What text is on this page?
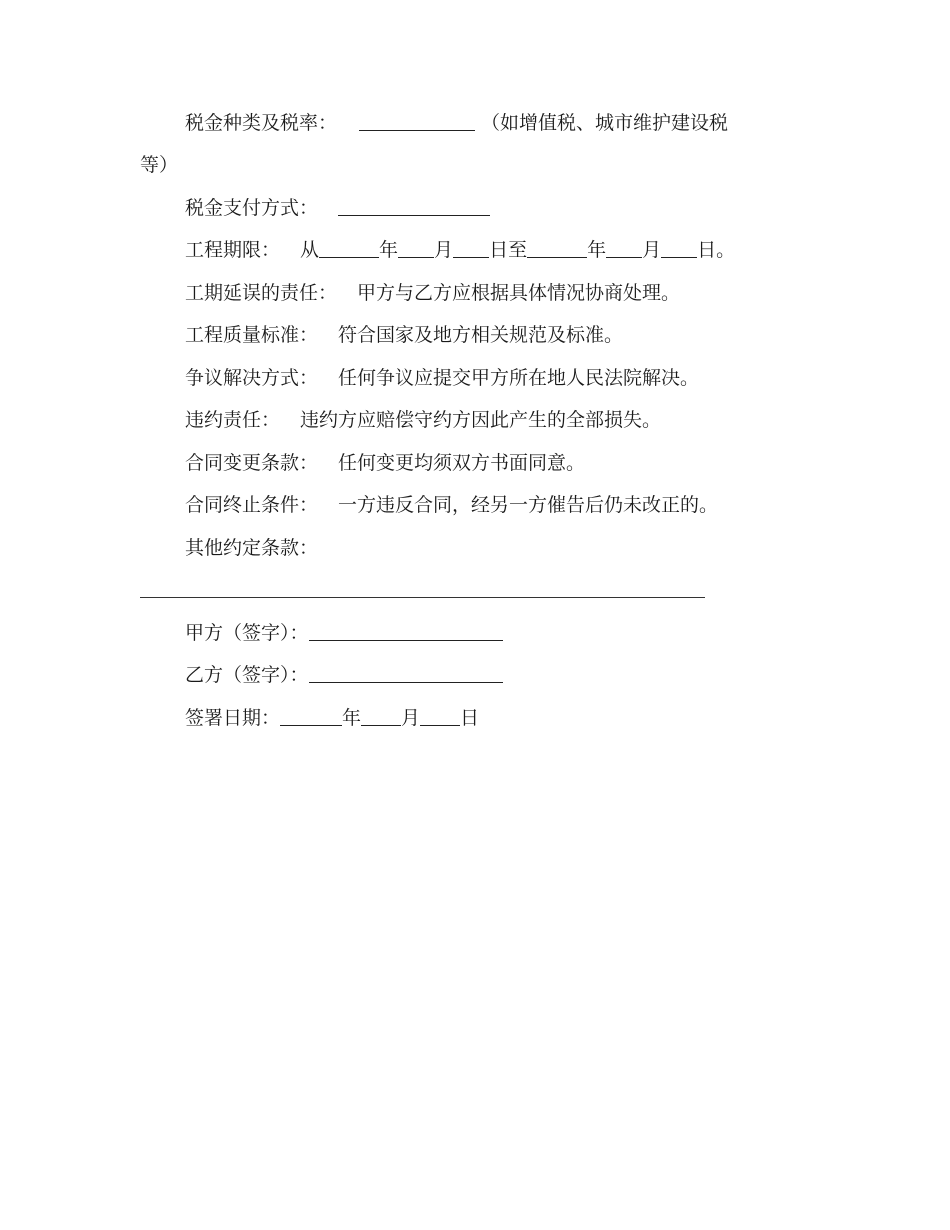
税金种类及税率：	（如增值税、城市维护建设税
等）
税金支付方式：
工程期限： 从	年 月 日至	年 月 日。
工期延误的责任： 甲方与乙方应根据具体情况协商处理。
工程质量标准： 符合国家及地方相关规范及标准。
争议解决方式： 任何争议应提交甲方所在地人民法院解决。
违约责任： 违约方应赔偿守约方因此产生的全部损失。
合同变更条款： 任何变更均须双方书面同意。
合同终止条件： 一方违反合同，经另一方催告后仍未改正的。
其他约定条款：
甲方（签字）：
乙方（签字）：
签署日期：	年 月 日
